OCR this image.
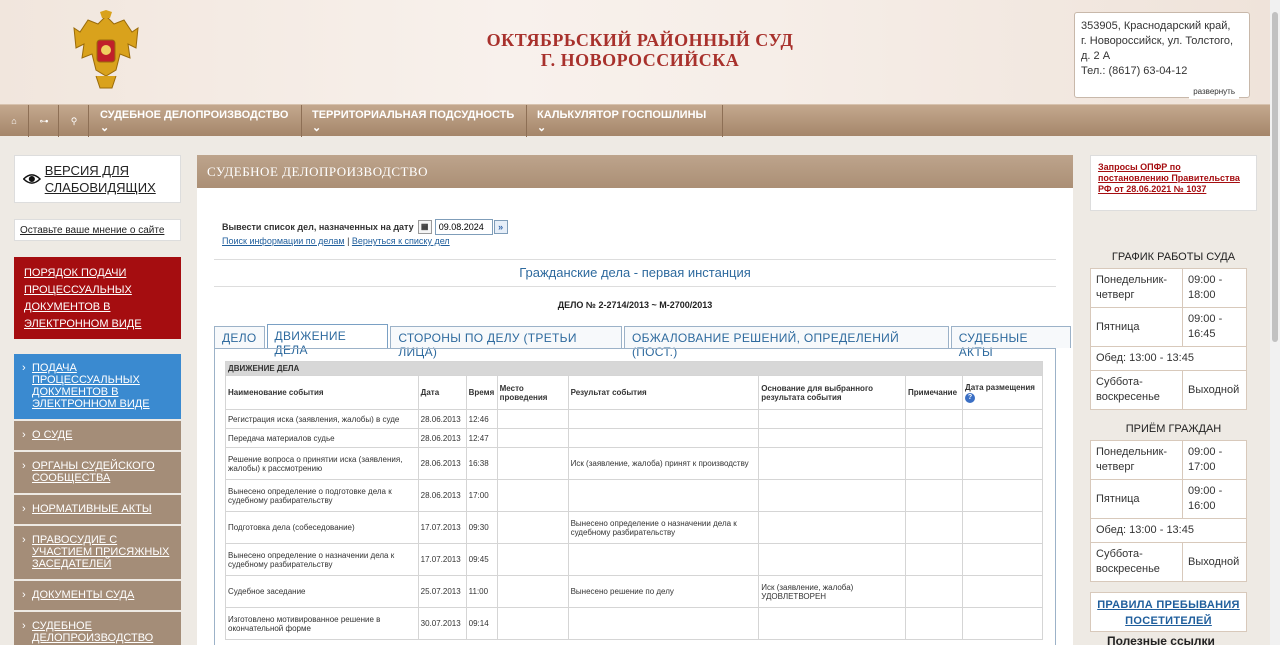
ОКТЯБРЬСКИЙ РАЙОННЫЙ СУД
Г. НОВОРОССИЙСКА
353905, Краснодарский край,
г. Новороссийск, ул. Толстого,
д. 2 А
Тел.: (8617) 63-04-12
развернуть
⌂	⊶	⚲	СУДЕБНОЕ ДЕЛОПРОИЗВОДСТВО ⌄
ТЕРРИТОРИАЛЬНАЯ ПОДСУДНОСТЬ ⌄
КАЛЬКУЛЯТОР ГОСПОШЛИНЫ ⌄
ВЕРСИЯ ДЛЯ СЛАБОВИДЯЩИХ
Оставьте ваше мнение о сайте
ПОРЯДОК ПОДАЧИ ПРОЦЕССУАЛЬНЫХ ДОКУМЕНТОВ В ЭЛЕКТРОННОМ ВИДЕ
› ПОДАЧА ПРОЦЕССУАЛЬНЫХ ДОКУМЕНТОВ В ЭЛЕКТРОННОМ ВИДЕ
› О СУДЕ
› ОРГАНЫ СУДЕЙСКОГО СООБЩЕСТВА
› НОРМАТИВНЫЕ АКТЫ
› ПРАВОСУДИЕ С УЧАСТИЕМ ПРИСЯЖНЫХ ЗАСЕДАТЕЛЕЙ
› ДОКУМЕНТЫ СУДА
› СУДЕБНОЕ ДЕЛОПРОИЗВОДСТВО
СУДЕБНОЕ ДЕЛОПРОИЗВОДСТВО
Вывести список дел, назначенных на дату ▦
09.08.2024	»
Поиск информации по делам | Вернуться к списку дел
Гражданские дела - первая инстанция
ДЕЛО № 2-2714/2013 ~ М-2700/2013
ДЕЛО	ДВИЖЕНИЕ ДЕЛА
СТОРОНЫ ПО ДЕЛУ (ТРЕТЬИ ЛИЦА)
ОБЖАЛОВАНИЕ РЕШЕНИЙ, ОПРЕДЕЛЕНИЙ (ПОСТ.)
СУДЕБНЫЕ АКТЫ
ДВИЖЕНИЕ ДЕЛА							
Наименование события	Дата	Время	Место проведения	Результат события	Основание для выбранного результата события	Примечание	Дата размещения ?
Регистрация иска (заявления, жалобы) в суде	28.06.2013	12:46					
Передача материалов судье	28.06.2013	12:47					
Решение вопроса о принятии иска (заявления, жалобы) к рассмотрению	28.06.2013	16:38		Иск (заявление, жалоба) принят к производству			
Вынесено определение о подготовке дела к судебному разбирательству	28.06.2013	17:00					
Подготовка дела (собеседование)	17.07.2013	09:30		Вынесено определение о назначении дела к судебному разбирательству			
Вынесено определение о назначении дела к судебному разбирательству	17.07.2013	09:45					
Судебное заседание	25.07.2013	11:00		Вынесено решение по делу	Иск (заявление, жалоба) УДОВЛЕТВОРЕН		
Изготовлено мотивированное решение в окончательной форме	30.07.2013	09:14					
Запросы ОПФР по постановлению Правительства РФ от 28.06.2021 № 1037
ГРАФИК РАБОТЫ СУДА
Понедельник-четверг	09:00 - 18:00
Пятница	09:00 - 16:45
Обед: 13:00 - 13:45	
Суббота-воскресенье	Выходной
ПРИЁМ ГРАЖДАН
Понедельник-четверг	09:00 - 17:00
Пятница	09:00 - 16:00
Обед: 13:00 - 13:45	
Суббота-воскресенье	Выходной
ПРАВИЛА ПРЕБЫВАНИЯ ПОСЕТИТЕЛЕЙ
Полезные ссылки
